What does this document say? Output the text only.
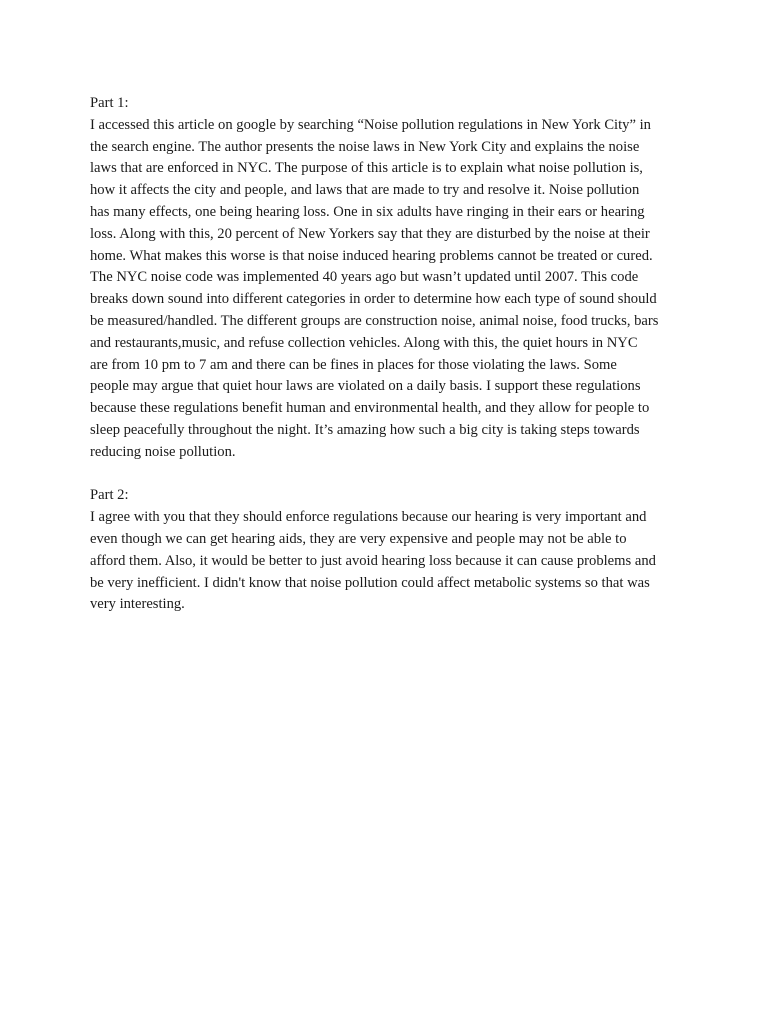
Part 1:
I accessed this article on google by searching “Noise pollution regulations in New York City” in
the search engine. The author presents the noise laws in New York City and explains the noise
laws that are enforced in NYC. The purpose of this article is to explain what noise pollution is,
how it affects the city and people, and laws that are made to try and resolve it. Noise pollution
has many effects, one being hearing loss. One in six adults have ringing in their ears or hearing
loss. Along with this, 20 percent of New Yorkers say that they are disturbed by the noise at their
home. What makes this worse is that noise induced hearing problems cannot be treated or cured.
The NYC noise code was implemented 40 years ago but wasn’t updated until 2007. This code
breaks down sound into different categories in order to determine how each type of sound should
be measured/handled. The different groups are construction noise, animal noise, food trucks, bars
and restaurants,music, and refuse collection vehicles. Along with this, the quiet hours in NYC
are from 10 pm to 7 am and there can be fines in places for those violating the laws. Some
people may argue that quiet hour laws are violated on a daily basis. I support these regulations
because these regulations benefit human and environmental health, and they allow for people to
sleep peacefully throughout the night. It’s amazing how such a big city is taking steps towards
reducing noise pollution.
Part 2:
I agree with you that they should enforce regulations because our hearing is very important and
even though we can get hearing aids, they are very expensive and people may not be able to
afford them. Also, it would be better to just avoid hearing loss because it can cause problems and
be very inefficient. I didn't know that noise pollution could affect metabolic systems so that was
very interesting.
